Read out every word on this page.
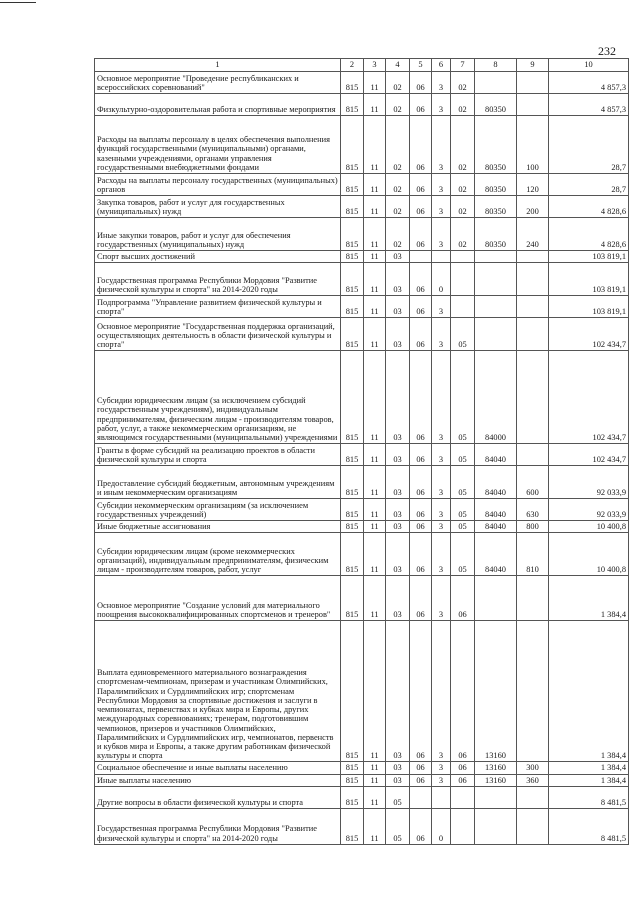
232
1	2	3	4	5	6	7	8	9	10
Основное мероприятие "Проведение республиканских и всероссийских соревнований"	815	11	02	06	3	02			4 857,3
Физкультурно-оздоровительная работа и спортивные мероприятия	815	11	02	06	3	02	80350		4 857,3
Расходы на выплаты персоналу в целях обеспечения выполнения функций государственными (муниципальными) органами, казенными учреждениями, органами управления государственными внебюджетными фондами	815	11	02	06	3	02	80350	100	28,7
Расходы на выплаты персоналу государственных (муниципальных) органов	815	11	02	06	3	02	80350	120	28,7
Закупка товаров, работ и услуг для государственных (муниципальных) нужд	815	11	02	06	3	02	80350	200	4 828,6
Иные закупки товаров, работ и услуг для обеспечения государственных (муниципальных) нужд	815	11	02	06	3	02	80350	240	4 828,6
Спорт высших достижений	815	11	03						103 819,1
Государственная программа Республики Мордовия "Развитие физической культуры и спорта" на 2014-2020 годы	815	11	03	06	0				103 819,1
Подпрограмма "Управление развитием физической культуры и спорта"	815	11	03	06	3				103 819,1
Основное мероприятие "Государственная поддержка организаций, осуществляющих деятельность в области физической культуры и спорта"	815	11	03	06	3	05			102 434,7
Субсидии юридическим лицам (за исключением субсидий государственным учреждениям), индивидуальным предпринимателям, физическим лицам - производителям товаров, работ, услуг, а также некоммерческим организациям, не являющимся государственными (муниципальными) учреждениями	815	11	03	06	3	05	84000		102 434,7
Гранты в форме субсидий на реализацию проектов в области физической культуры и спорта	815	11	03	06	3	05	84040		102 434,7
Предоставление субсидий бюджетным, автономным учреждениям и иным некоммерческим организациям	815	11	03	06	3	05	84040	600	92 033,9
Субсидии некоммерческим организациям (за исключением государственных учреждений)	815	11	03	06	3	05	84040	630	92 033,9
Иные бюджетные ассигнования	815	11	03	06	3	05	84040	800	10 400,8
Субсидии юридическим лицам (кроме некоммерческих организаций), индивидуальным предпринимателям, физическим лицам - производителям товаров, работ, услуг	815	11	03	06	3	05	84040	810	10 400,8
Основное мероприятие "Создание условий для материального поощрения высококвалифицированных спортсменов и тренеров"	815	11	03	06	3	06			1 384,4
Выплата единовременного материального вознаграждения спортсменам-чемпионам, призерам и участникам Олимпийских, Паралимпийских и Сурдлимпийских игр; спортсменам Республики Мордовия за спортивные достижения и заслуги в чемпионатах, первенствах и кубках мира и Европы, других международных соревнованиях; тренерам, подготовившим чемпионов, призеров и участников Олимпийских, Паралимпийских и Сурдлимпийских игр, чемпионатов, первенств и кубков мира и Европы, а также другим работникам физической культуры и спорта	815	11	03	06	3	06	13160		1 384,4
Социальное обеспечение и иные выплаты населению	815	11	03	06	3	06	13160	300	1 384,4
Иные выплаты населению	815	11	03	06	3	06	13160	360	1 384,4
Другие вопросы в области физической культуры и спорта	815	11	05						8 481,5
Государственная программа Республики Мордовия "Развитие физической культуры и спорта" на 2014-2020 годы	815	11	05	06	0				8 481,5
